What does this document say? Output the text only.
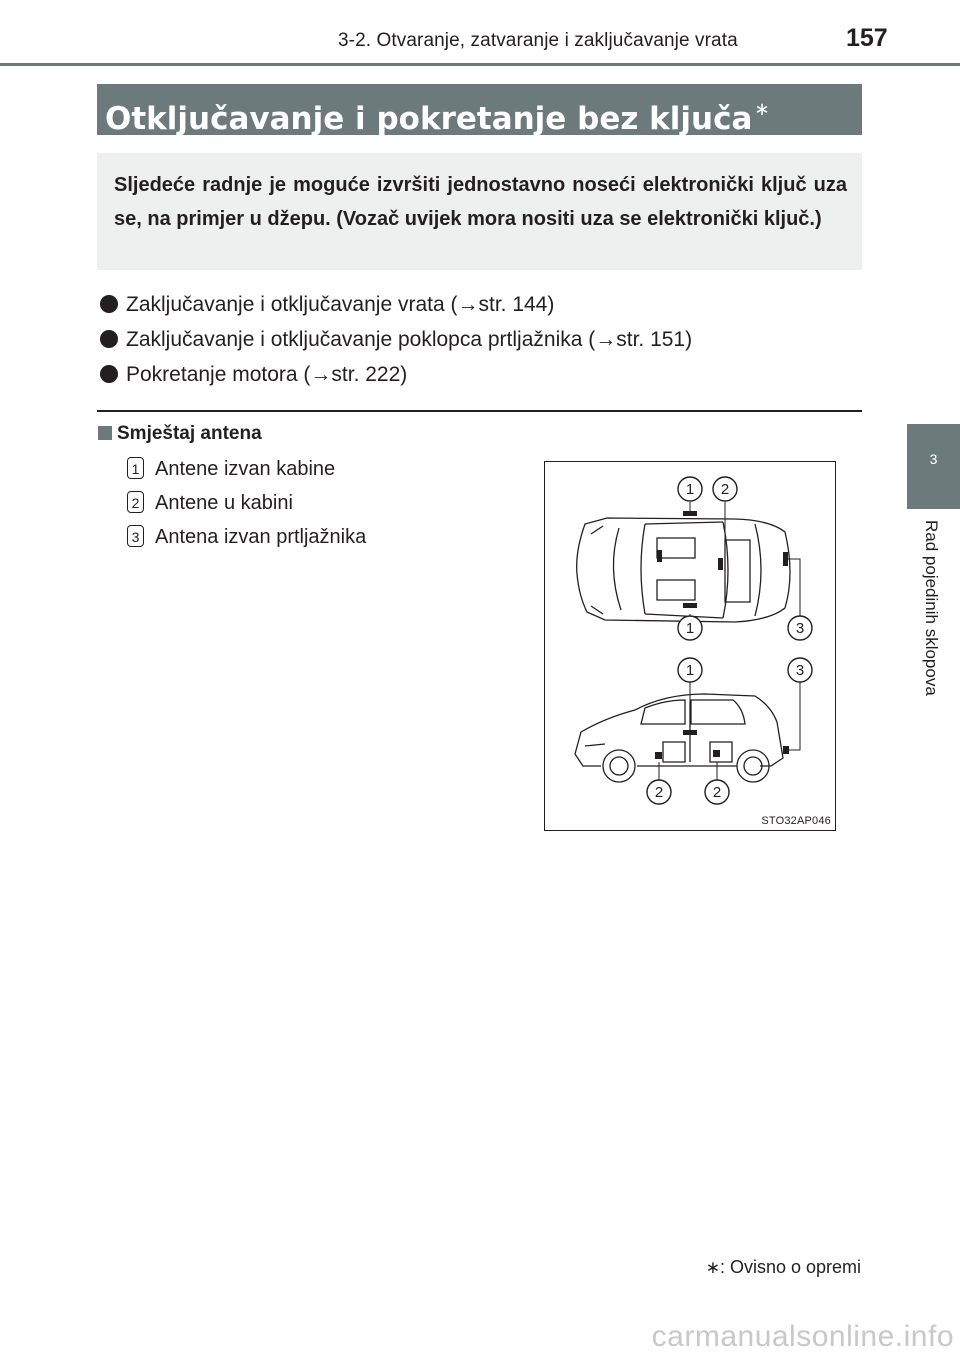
3-2. Otvaranje, zatvaranje i zaključavanje vrata	157
Otključavanje i pokretanje bez ključa ∗
Sljedeće radnje je moguće izvršiti jednostavno noseći elektronički ključ uza se, na primjer u džepu. (Vozač uvijek mora nositi uza se elektronički ključ.)
Zaključavanje i otključavanje vrata (→str. 144)
Zaključavanje i otključavanje poklopca prtljažnika (→str. 151)
Pokretanje motora (→str. 222)
Smještaj antena
1 Antene izvan kabine
2 Antene u kabini
3 Antena izvan prtljažnika
1 2
1	3
1	3
2	2
STO32AP046
3
Rad pojedinih sklopova
∗: Ovisno o opremi
carmanualsonline.info
